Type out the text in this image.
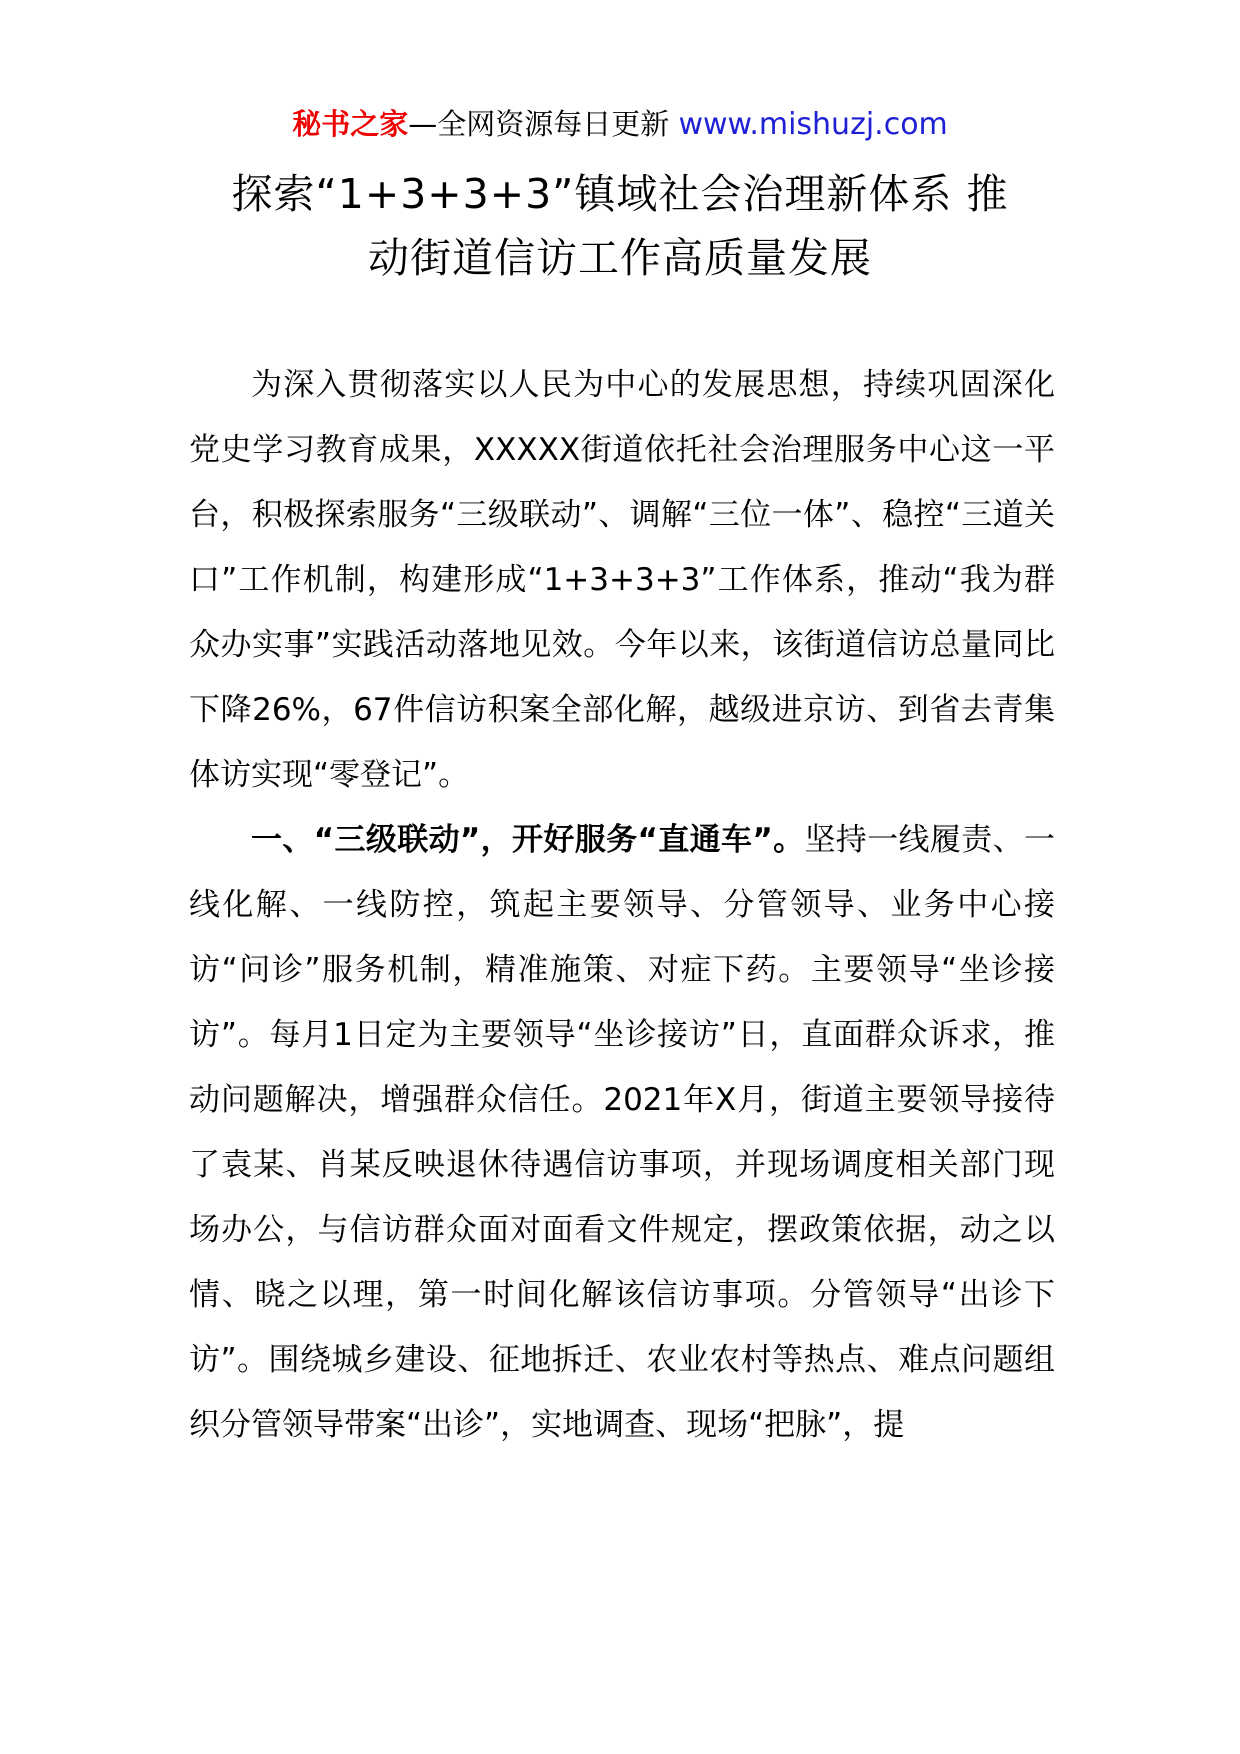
秘书之家—全网资源每日更新 www.mishuzj.com
探索“1+3+3+3”镇域社会治理新体系 推
动街道信访工作高质量发展

为深入贯彻落实以人民为中心的发展思想，持续巩固深化党史学习教育成果，XXXXX街道依托社会治理服务中心这一平台，积极探索服务“三级联动”、调解“三位一体”、稳控“三道关口”工作机制，构建形成“1+3+3+3”工作体系，推动“我为群众办实事”实践活动落地见效。今年以来，该街道信访总量同比下降26%，67件信访积案全部化解，越级进京访、到省去青集体访实现“零登记”。

一、“三级联动”，开好服务“直通车”。坚持一线履责、一线化解、一线防控，筑起主要领导、分管领导、业务中心接访“问诊”服务机制，精准施策、对症下药。主要领导“坐诊接访”。每月1日定为主要领导“坐诊接访”日，直面群众诉求，推动问题解决，增强群众信任。2021年X月，街道主要领导接待了袁某、肖某反映退休待遇信访事项，并现场调度相关部门现场办公，与信访群众面对面看文件规定，摆政策依据，动之以情、晓之以理，第一时间化解该信访事项。分管领导“出诊下访”。围绕城乡建设、征地拆迁、农业农村等热点、难点问题组织分管领导带案“出诊”，实地调查、现场“把脉”，提
